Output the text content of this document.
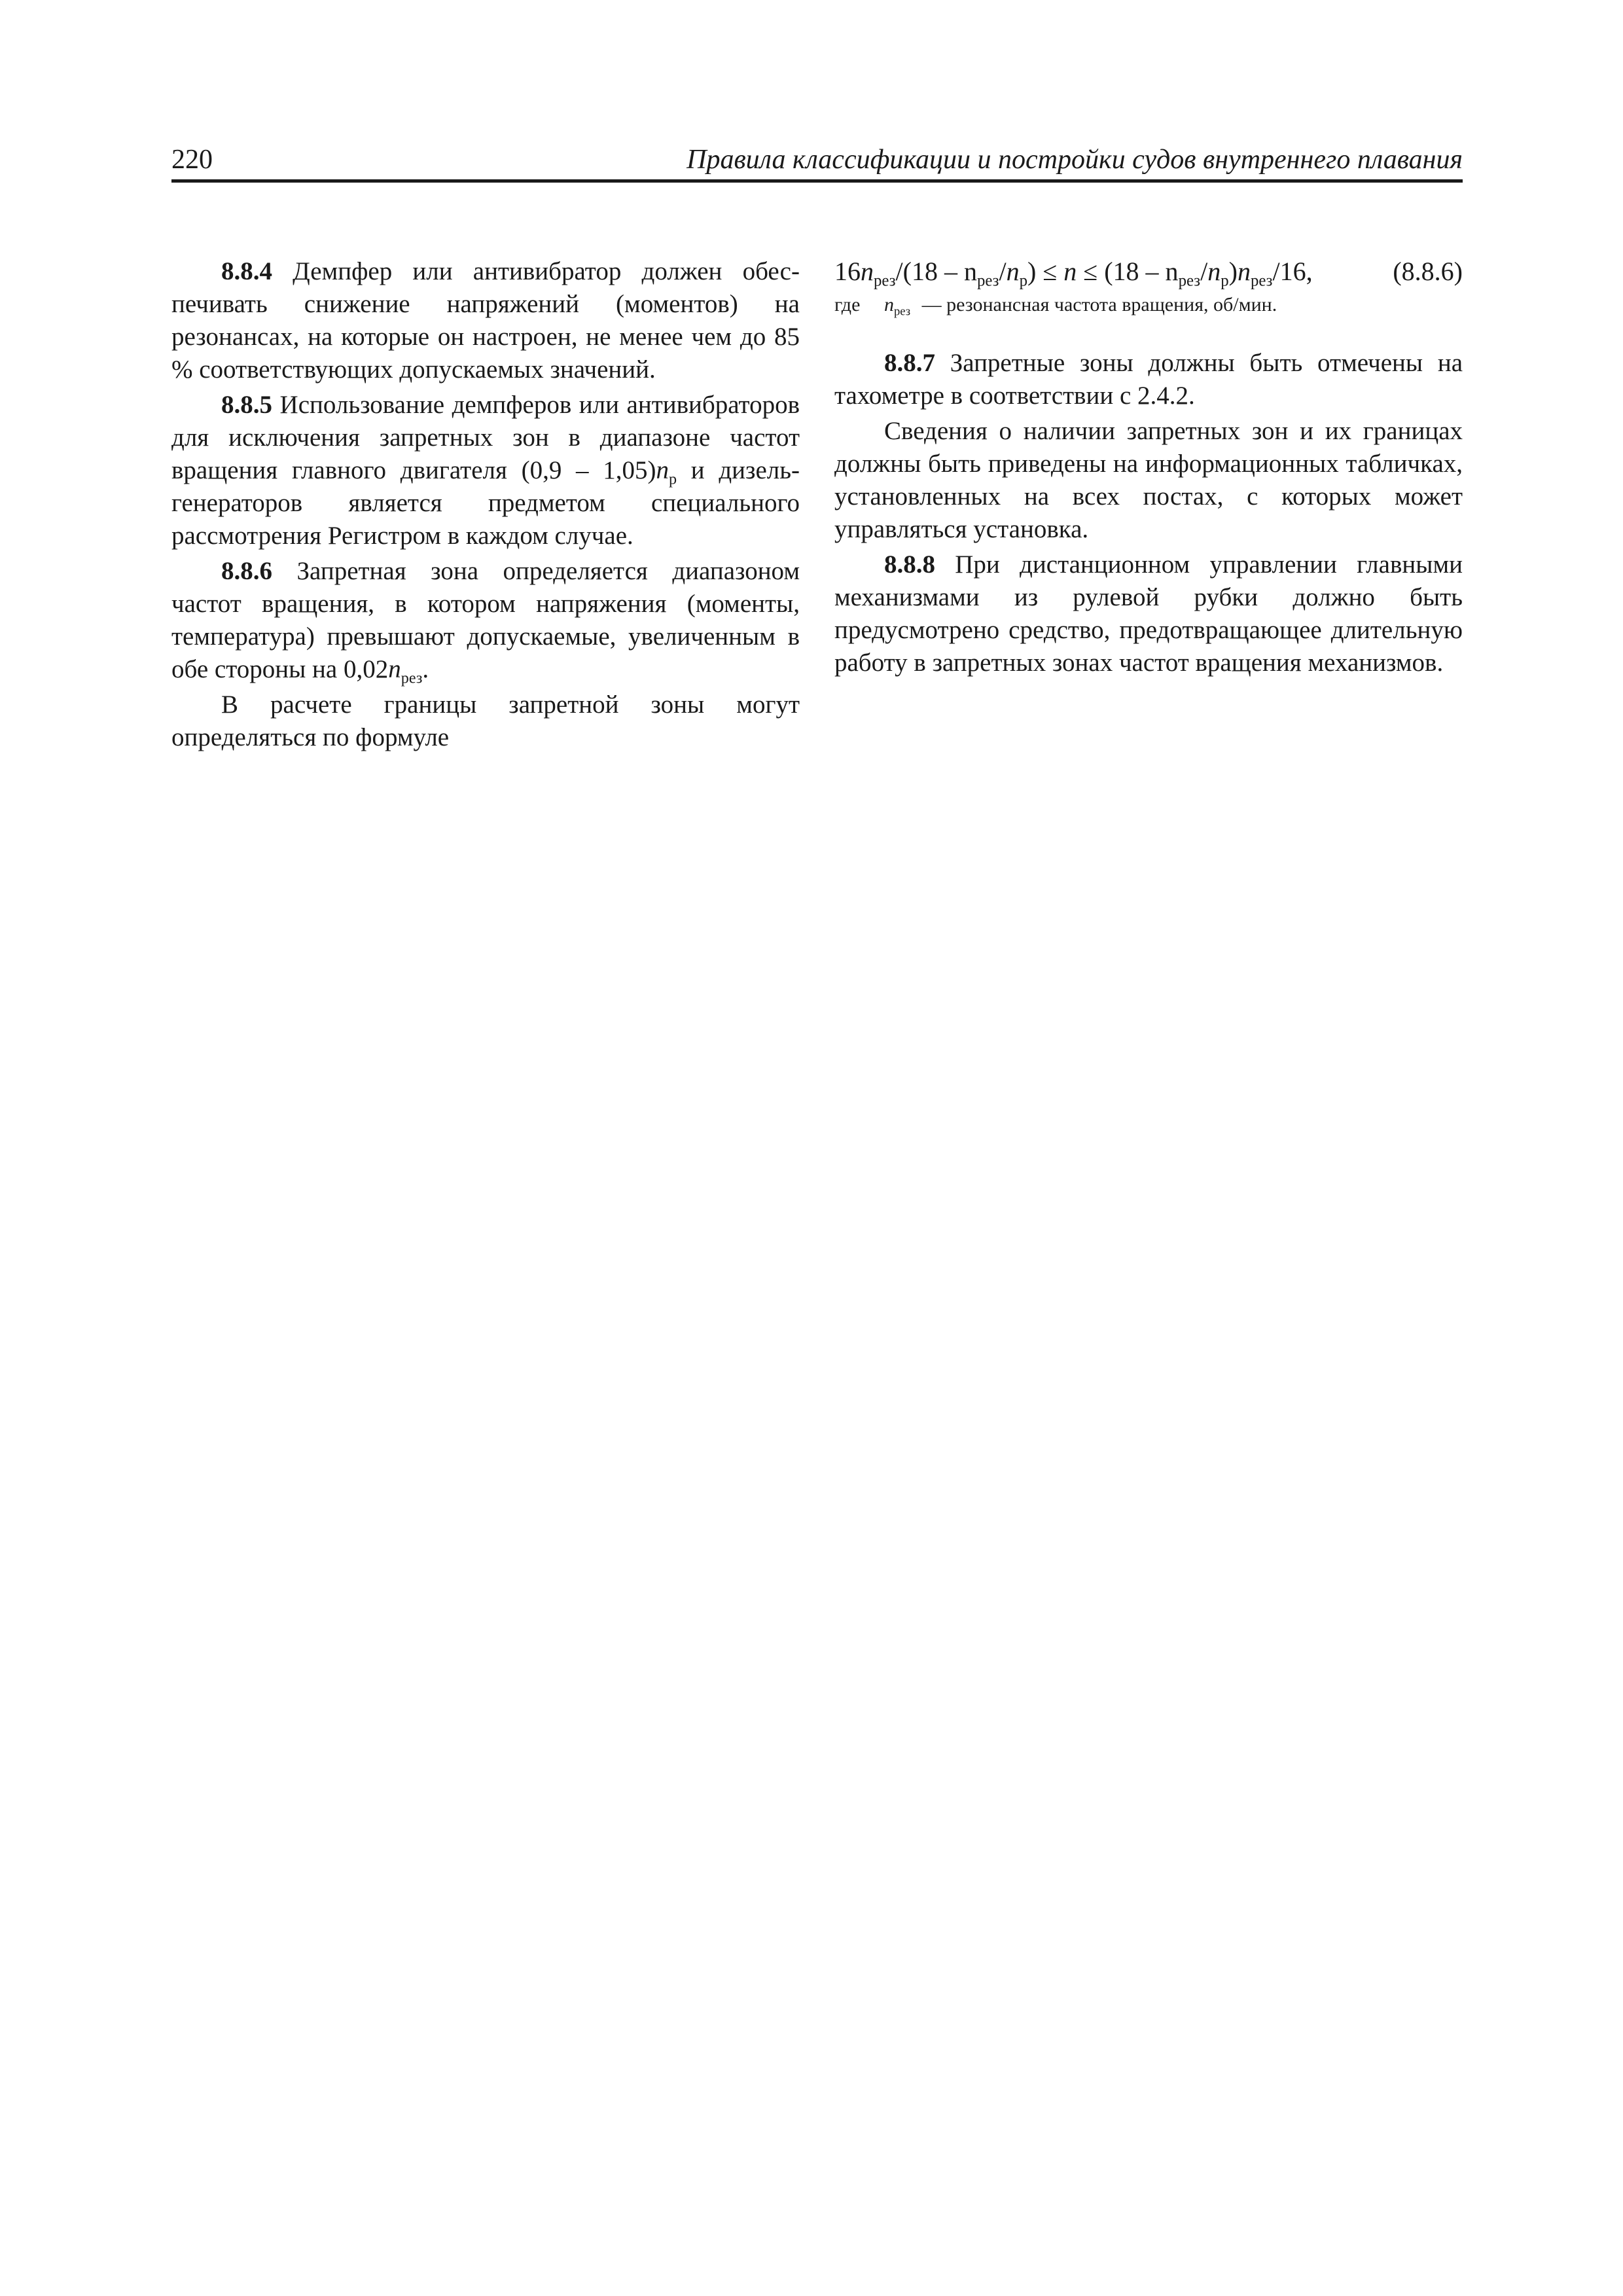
220	Правила классификации и постройки судов внутреннего плавания

8.8.4 Демпфер или антивибратор должен обеспечивать снижение напряжений (моментов) на резонансах, на которые он настроен, не менее чем до 85 % соответствующих допускаемых значений.

8.8.5 Использование демпферов или антивибраторов для исключения запретных зон в диапазоне частот вращения главного двигателя $(0,9 - 1,05)n_р$ и дизель-генераторов является предметом специального рассмотрения Регистром в каждом случае.

8.8.6 Запретная зона определяется диапазоном частот вращения, в котором напряжения (моменты, температура) превышают допускаемые, увеличенным в обе стороны на $0,02n_{рез}$.

В расчете границы запретной зоны могут определяться по формуле

$16n_{рез}/(18 - n_{рез}/n_р) \le n \le (18 - n_{рез}/n_р)n_{рез}/16$,	(8.8.6)
где $n_{рез}$ — резонансная частота вращения, об/мин.

8.8.7 Запретные зоны должны быть отмечены на тахометре в соответствии с 2.4.2.

Сведения о наличии запретных зон и их границах должны быть приведены на информационных табличках, установленных на всех постах, с которых может управляться установка.

8.8.8 При дистанционном управлении главными механизмами из рулевой рубки должно быть предусмотрено средство, предотвращающее длительную работу в запретных зонах частот вращения механизмов.
